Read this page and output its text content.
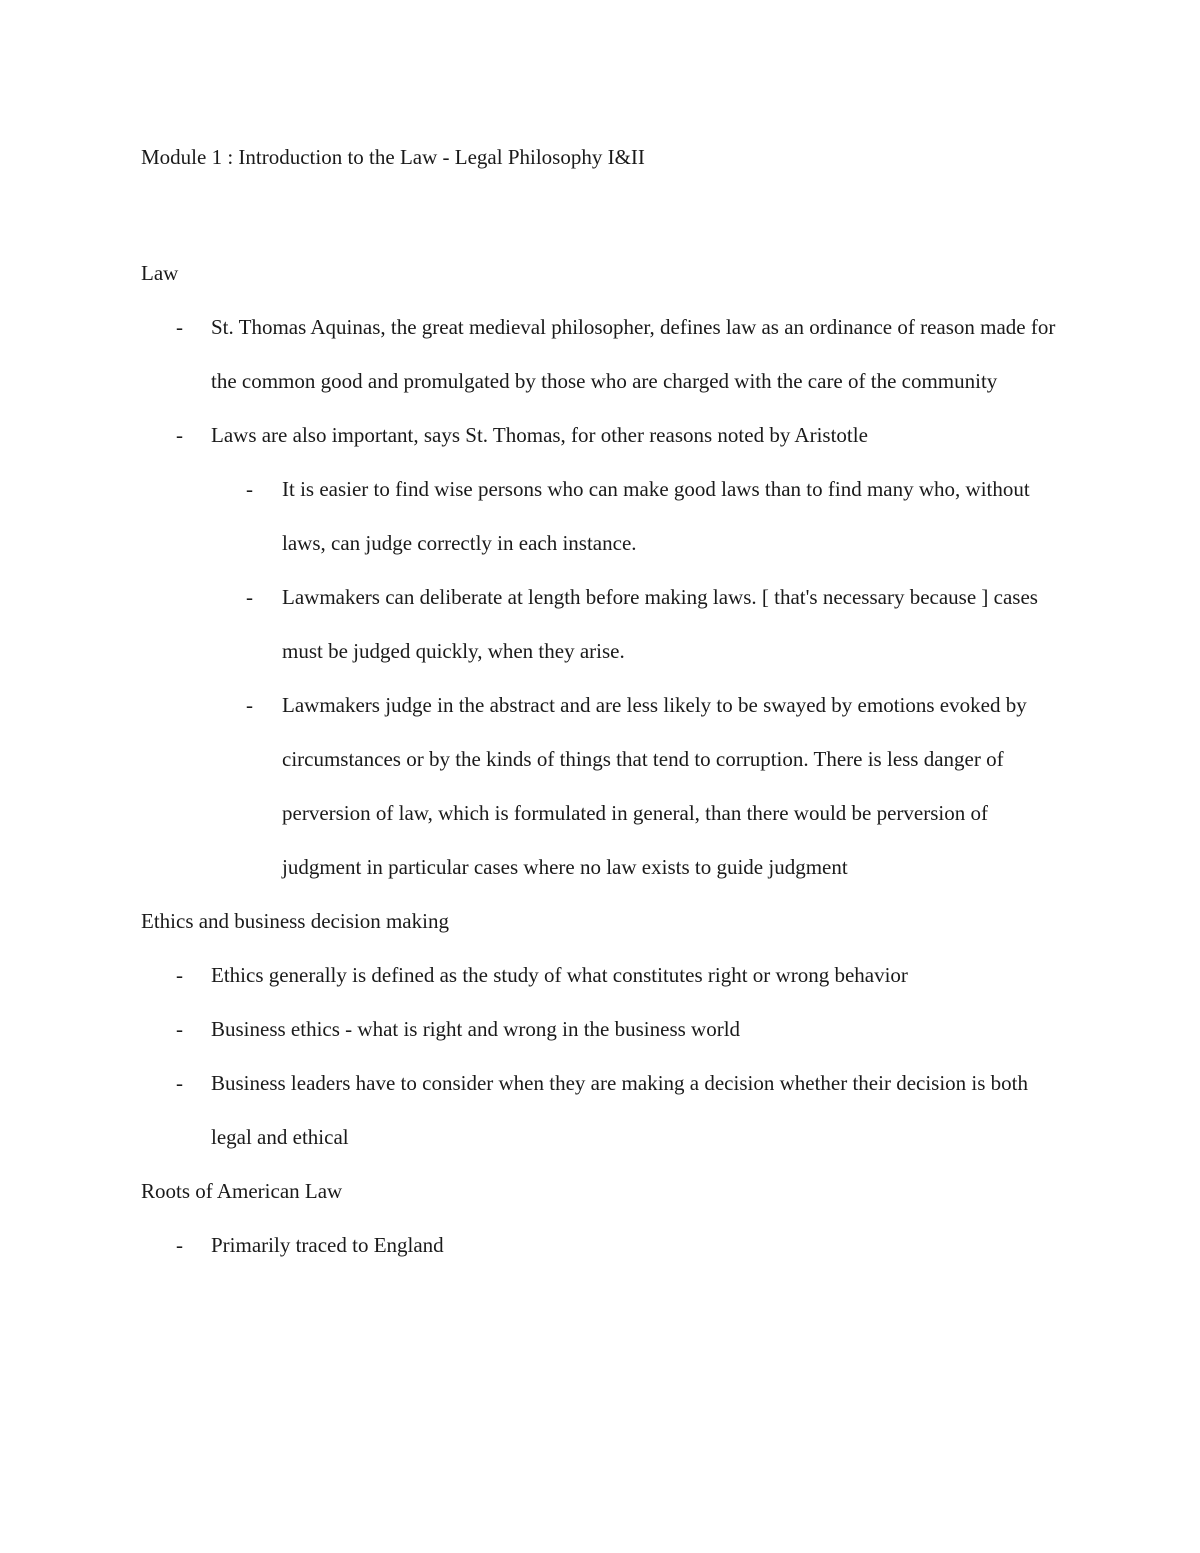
Module 1 : Introduction to the Law - Legal Philosophy I&II
Law
-	St. Thomas Aquinas, the great medieval philosopher, defines law as an ordinance of reason made for the common good and promulgated by those who are charged with the care of the community
-	Laws are also important, says St. Thomas, for other reasons noted by Aristotle
-	It is easier to find wise persons who can make good laws than to find many who, without laws, can judge correctly in each instance.
-	Lawmakers can deliberate at length before making laws. [ that's necessary because ] cases must be judged quickly, when they arise.
-	Lawmakers judge in the abstract and are less likely to be swayed by emotions evoked by circumstances or by the kinds of things that tend to corruption. There is less danger of perversion of law, which is formulated in general, than there would be perversion of judgment in particular cases where no law exists to guide judgment
Ethics and business decision making
-	Ethics generally is defined as the study of what constitutes right or wrong behavior
-	Business ethics - what is right and wrong in the business world
-	Business leaders have to consider when they are making a decision whether their decision is both legal and ethical
Roots of American Law
-	Primarily traced to England
